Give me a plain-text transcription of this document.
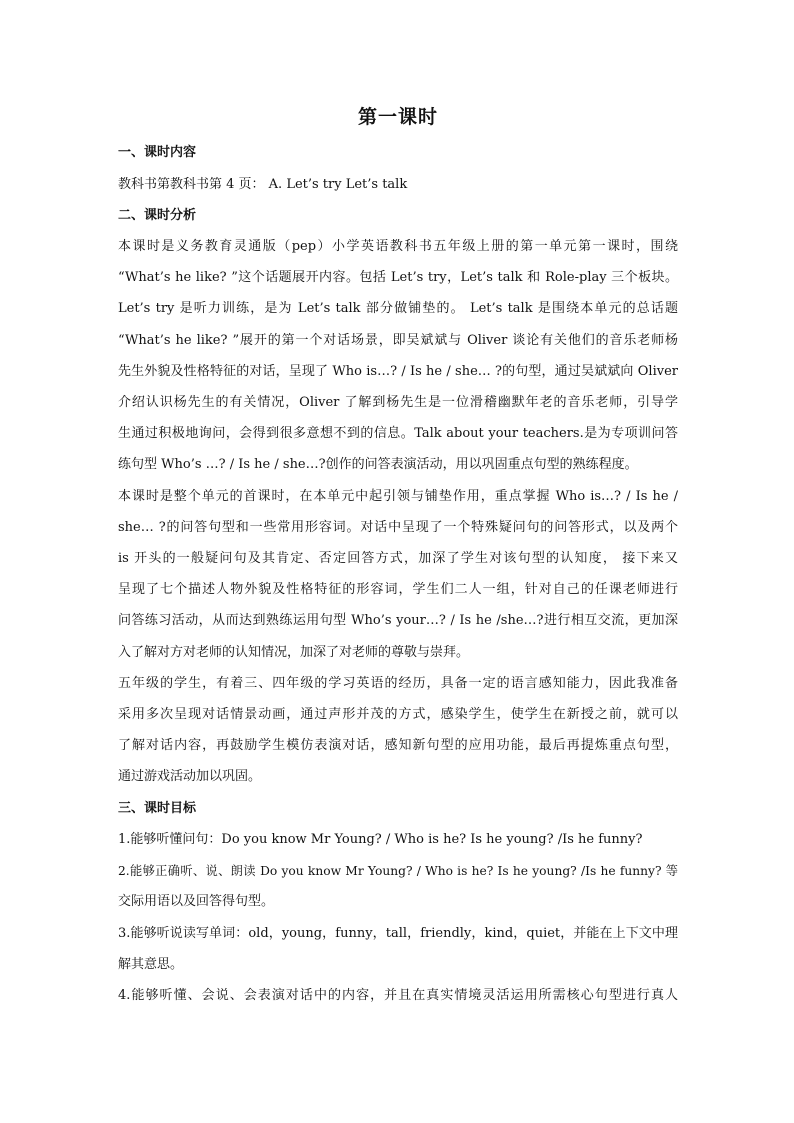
第一课时
一、课时内容
教科书第教科书第 4 页： A. Let’s try Let’s talk
二、课时分析
本课时是义务教育灵通版（pep）小学英语教科书五年级上册的第一单元第一课时，围绕
“What’s he like? ”这个话题展开内容。包括 Let’s try，Let’s talk 和 Role-play 三个板块。
Let’s try 是听力训练，是为 Let’s talk 部分做铺垫的。 Let’s talk 是围绕本单元的总话题
“What’s he like? ”展开的第一个对话场景，即吴斌斌与 Oliver 谈论有关他们的音乐老师杨
先生外貌及性格特征的对话，呈现了 Who is…? / Is he / she… ?的句型，通过吴斌斌向 Oliver
介绍认识杨先生的有关情况，Oliver 了解到杨先生是一位滑稽幽默年老的音乐老师，引导学
生通过积极地询问，会得到很多意想不到的信息。Talk about your teachers.是为专项训问答
练句型 Who’s …? / Is he / she…?创作的问答表演活动，用以巩固重点句型的熟练程度。
本课时是整个单元的首课时，在本单元中起引领与铺垫作用，重点掌握 Who is…? / Is he /
she… ?的问答句型和一些常用形容词。对话中呈现了一个特殊疑问句的问答形式，以及两个
is 开头的一般疑问句及其肯定、否定回答方式，加深了学生对该句型的认知度， 接下来又
呈现了七个描述人物外貌及性格特征的形容词，学生们二人一组，针对自己的任课老师进行
问答练习活动，从而达到熟练运用句型 Who’s your…? / Is he /she…?进行相互交流，更加深
入了解对方对老师的认知情况，加深了对老师的尊敬与崇拜。
五年级的学生，有着三、四年级的学习英语的经历，具备一定的语言感知能力，因此我准备
采用多次呈现对话情景动画，通过声形并茂的方式，感染学生，使学生在新授之前，就可以
了解对话内容，再鼓励学生模仿表演对话，感知新句型的应用功能，最后再提炼重点句型，
通过游戏活动加以巩固。
三、课时目标
1.能够听懂问句：Do you know Mr Young? / Who is he? Is he young? /Is he funny?
2.能够正确听、说、朗读 Do you know Mr Young? / Who is he? Is he young? /Is he funny? 等
交际用语以及回答得句型。
3.能够听说读写单词：old，young，funny，tall，friendly，kind，quiet，并能在上下文中理
解其意思。
4.能够听懂、会说、会表演对话中的内容，并且在真实情境灵活运用所需核心句型进行真人
